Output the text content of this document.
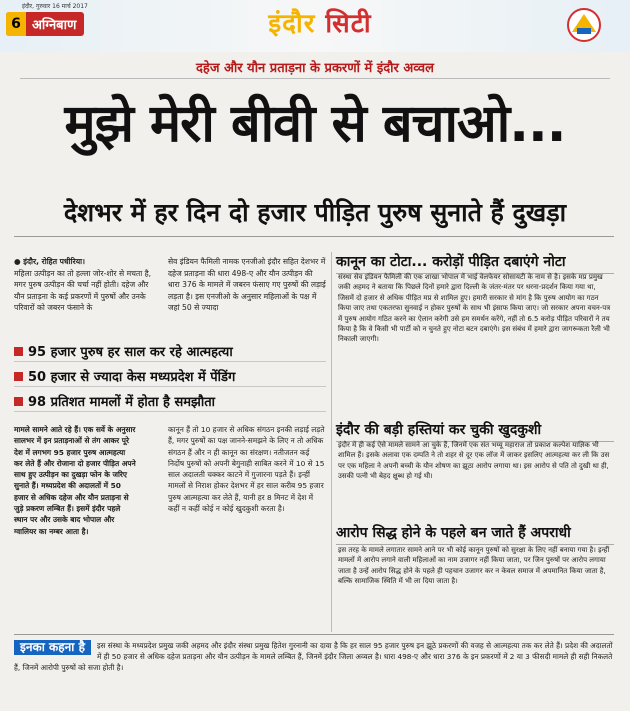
इंदौर, गुरुवार 16 मार्च 2017
6 अग्निबाण	इंदौर सिटी
दहेज और यौन प्रताड़ना के प्रकरणों में इंदौर अव्वल
मुझे मेरी बीवी से बचाओ...
देशभर में हर दिन दो हजार पीड़ित पुरुष सुनाते हैं दुखड़ा

● इंदौर, रोहित पधीरिया।

महिला उत्पीड़न का तो हल्ला जोर-शोर से मचता है, मगर पुरुष उत्पीड़न की चर्चा नहीं होती। दहेज और यौन प्रताड़ना के कई प्रकरणों में पुरुषों और उनके परिवारों को जबरन फंसाने के

सेव इंडियन फैमिली नामक एनजीओ इंदौर सहित देशभर में दहेज प्रताड़ना की धारा 498-ए और यौन उत्पीड़न की धारा 376 के मामले में जबरन फंसाए गए पुरुषों की लड़ाई लड़ता है। इस एनजीओ के अनुसार महिलाओं के पक्ष में जहां 50 से ज्यादा

95 हजार पुरुष हर साल कर रहे आत्महत्या
50 हजार से ज्यादा केस मध्यप्रदेश में पेंडिंग
98 प्रतिशत मामलों में होता है समझौता

मामले सामने आते रहे हैं। एक सर्वे के अनुसार सालभर में इन प्रताड़नाओं से तंग आकर पूरे देश में लगभग 95 हजार पुरुष आत्महत्या कर लेते हैं और रोजाना दो हजार पीड़ित अपने साथ हुए उत्पीड़न का दुखड़ा फोन के जरिए सुनाते हैं। मध्यप्रदेश की अदालतों में 50 हजार से अधिक दहेज और यौन प्रताड़ना से जुड़े प्रकरण लम्बित हैं। इसमें इंदौर पहले स्थान पर और उसके बाद भोपाल और ग्वालियर का नम्बर आता है।

कानून हैं तो 10 हजार से अधिक संगठन इनकी लड़ाई लड़ते हैं, मगर पुरुषों का पक्ष जानने-समझने के लिए न तो अधिक संगठन हैं और न ही कानून का संरक्षण। नतीजतन कई निर्दोष पुरुषों को अपनी बेगुनाही साबित करने में 10 से 15 साल अदालती चक्कर काटने में गुजारना पड़ते हैं। इन्हीं मामलों से निराश होकर देशभर में हर साल करीब 95 हजार पुरुष आत्महत्या कर लेते हैं, यानी हर 8 मिनट में देश में कहीं न कहीं कोई न कोई खुदकुशी करता है।

कानून का टोटा... करोड़ों पीड़ित दबाएंगे नोटा

संस्था सेव इंडियन फैमिली की एक शाखा भोपाल में भाई वेलफेयर सोसायटी के नाम से है। इसके मप्र प्रमुख जकी अहमद ने बताया कि पिछले दिनों हमारे द्वारा दिल्ली के जंतर-मंतर पर धरना-प्रदर्शन किया गया था, जिसमें दो हजार से अधिक पीड़ित मप्र से शामिल हुए। हमारी सरकार से मांग है कि पुरुष आयोग का गठन किया जाए तथा एकतरफा सुनवाई न होकर पुरुषों के साथ भी इंसाफ किया जाए। जो सरकार अपना वचन-पत्र में पुरुष आयोग गठित करने का ऐलान करेगी उसे हम समर्थन करेंगे, नहीं तो 6.5 करोड़ पीड़ित परिवारों ने तय किया है कि वे किसी भी पार्टी को न चुनते हुए नोटा बटन दबाएंगे। इस संबंध में हमारे द्वारा जागरूकता रैली भी निकाली जाएगी।

इंदौर की बड़ी हस्तियां कर चुकी खुदकुशी

इंदौर में ही कई ऐसे मामले सामने आ चुके हैं, जिनमें एक संत भय्यू महाराज तो प्रकाश कल्पेश याज्ञिक भी शामिल हैं। इसके अलावा एक दम्पति ने तो शहर से दूर एक लॉज में जाकर इसलिए आत्महत्या कर ली कि उस पर एक महिला ने अपनी बच्ची के यौन शोषण का झूठा आरोप लगाया था। इस आरोप से पति तो दुखी था ही, उसकी पत्नी भी बेहद क्षुब्ध हो गई थी।

आरोप सिद्ध होने के पहले बन जाते हैं अपराधी

इस तरह के मामले लगातार सामने आने पर भी कोई कानून पुरुषों को सुरक्षा के लिए नहीं बनाया गया है। इन्हीं मामलों में आरोप लगाने वाली महिलाओं का नाम उजागर नहीं किया जाता, पर जिन पुरुषों पर आरोप लगाया जाता है उन्हें आरोप सिद्ध होने के पहले ही पहचान उजागर कर न केवल समाज में अपमानित किया जाता है, बल्कि सामाजिक स्थिति में भी ला दिया जाता है।

इनका कहना है	इस संस्था के मध्यप्रदेश प्रमुख जकी अहमद और इंदौर संस्था प्रमुख हितेश गुरनानी का दावा है कि हर साल 95 हजार पुरुष इन झूठे प्रकरणों की वजह से आत्महत्या तक कर लेते हैं। प्रदेश की अदालतों में ही 50 हजार से अधिक दहेज प्रताड़ना और यौन उत्पीड़न के मामले लम्बित हैं, जिनमें इंदौर जिला अव्वल है। धारा 498-ए और धारा 376 के इन प्रकरणों में 2 या 3 फीसदी मामले ही सही निकलते हैं, जिनमें आरोपी पुरुषों को सजा होती है।
